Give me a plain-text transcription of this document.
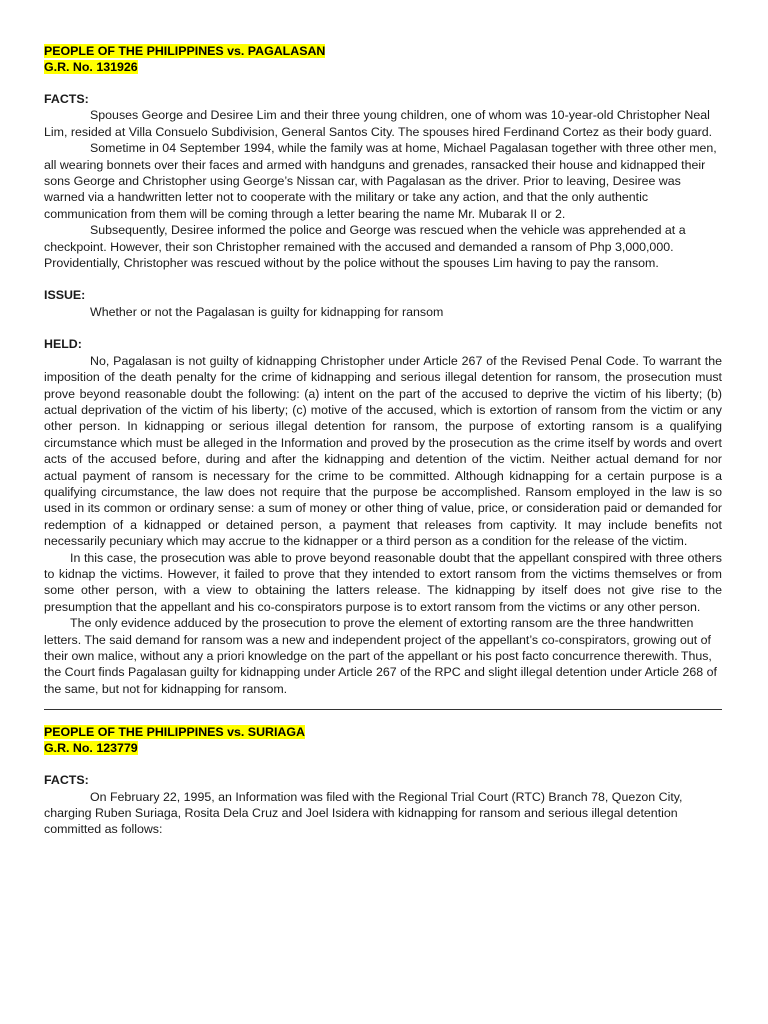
PEOPLE OF THE PHILIPPINES vs. PAGALASAN
G.R. No. 131926
FACTS:

Spouses George and Desiree Lim and their three young children, one of whom was 10-year-old Christopher Neal Lim, resided at Villa Consuelo Subdivision, General Santos City. The spouses hired Ferdinand Cortez as their body guard.

Sometime in 04 September 1994, while the family was at home, Michael Pagalasan together with three other men, all wearing bonnets over their faces and armed with handguns and grenades, ransacked their house and kidnapped their sons George and Christopher using George’s Nissan car, with Pagalasan as the driver. Prior to leaving, Desiree was warned via a handwritten letter not to cooperate with the military or take any action, and that the only authentic communication from them will be coming through a letter bearing the name Mr. Mubarak II or 2.

Subsequently, Desiree informed the police and George was rescued when the vehicle was apprehended at a checkpoint. However, their son Christopher remained with the accused and demanded a ransom of Php 3,000,000. Providentially, Christopher was rescued without by the police without the spouses Lim having to pay the ransom.

ISSUE:

Whether or not the Pagalasan is guilty for kidnapping for ransom

HELD:

No, Pagalasan is not guilty of kidnapping Christopher under Article 267 of the Revised Penal Code. To warrant the imposition of the death penalty for the crime of kidnapping and serious illegal detention for ransom, the prosecution must prove beyond reasonable doubt the following: (a) intent on the part of the accused to deprive the victim of his liberty; (b) actual deprivation of the victim of his liberty; (c) motive of the accused, which is extortion of ransom from the victim or any other person. In kidnapping or serious illegal detention for ransom, the purpose of extorting ransom is a qualifying circumstance which must be alleged in the Information and proved by the prosecution as the crime itself by words and overt acts of the accused before, during and after the kidnapping and detention of the victim. Neither actual demand for nor actual payment of ransom is necessary for the crime to be committed. Although kidnapping for a certain purpose is a qualifying circumstance, the law does not require that the purpose be accomplished. Ransom employed in the law is so used in its common or ordinary sense: a sum of money or other thing of value, price, or consideration paid or demanded for redemption of a kidnapped or detained person, a payment that releases from captivity. It may include benefits not necessarily pecuniary which may accrue to the kidnapper or a third person as a condition for the release of the victim.

In this case, the prosecution was able to prove beyond reasonable doubt that the appellant conspired with three others to kidnap the victims. However, it failed to prove that they intended to extort ransom from the victims themselves or from some other person, with a view to obtaining the latters release. The kidnapping by itself does not give rise to the presumption that the appellant and his co-conspirators purpose is to extort ransom from the victims or any other person.

The only evidence adduced by the prosecution to prove the element of extorting ransom are the three handwritten letters. The said demand for ransom was a new and independent project of the appellant’s co-conspirators, growing out of their own malice, without any a priori knowledge on the part of the appellant or his post facto concurrence therewith. Thus, the Court finds Pagalasan guilty for kidnapping under Article 267 of the RPC and slight illegal detention under Article 268 of the same, but not for kidnapping for ransom.

PEOPLE OF THE PHILIPPINES vs. SURIAGA
G.R. No. 123779
FACTS:

On February 22, 1995, an Information was filed with the Regional Trial Court (RTC) Branch 78, Quezon City, charging Ruben Suriaga, Rosita Dela Cruz and Joel Isidera with kidnapping for ransom and serious illegal detention committed as follows:
